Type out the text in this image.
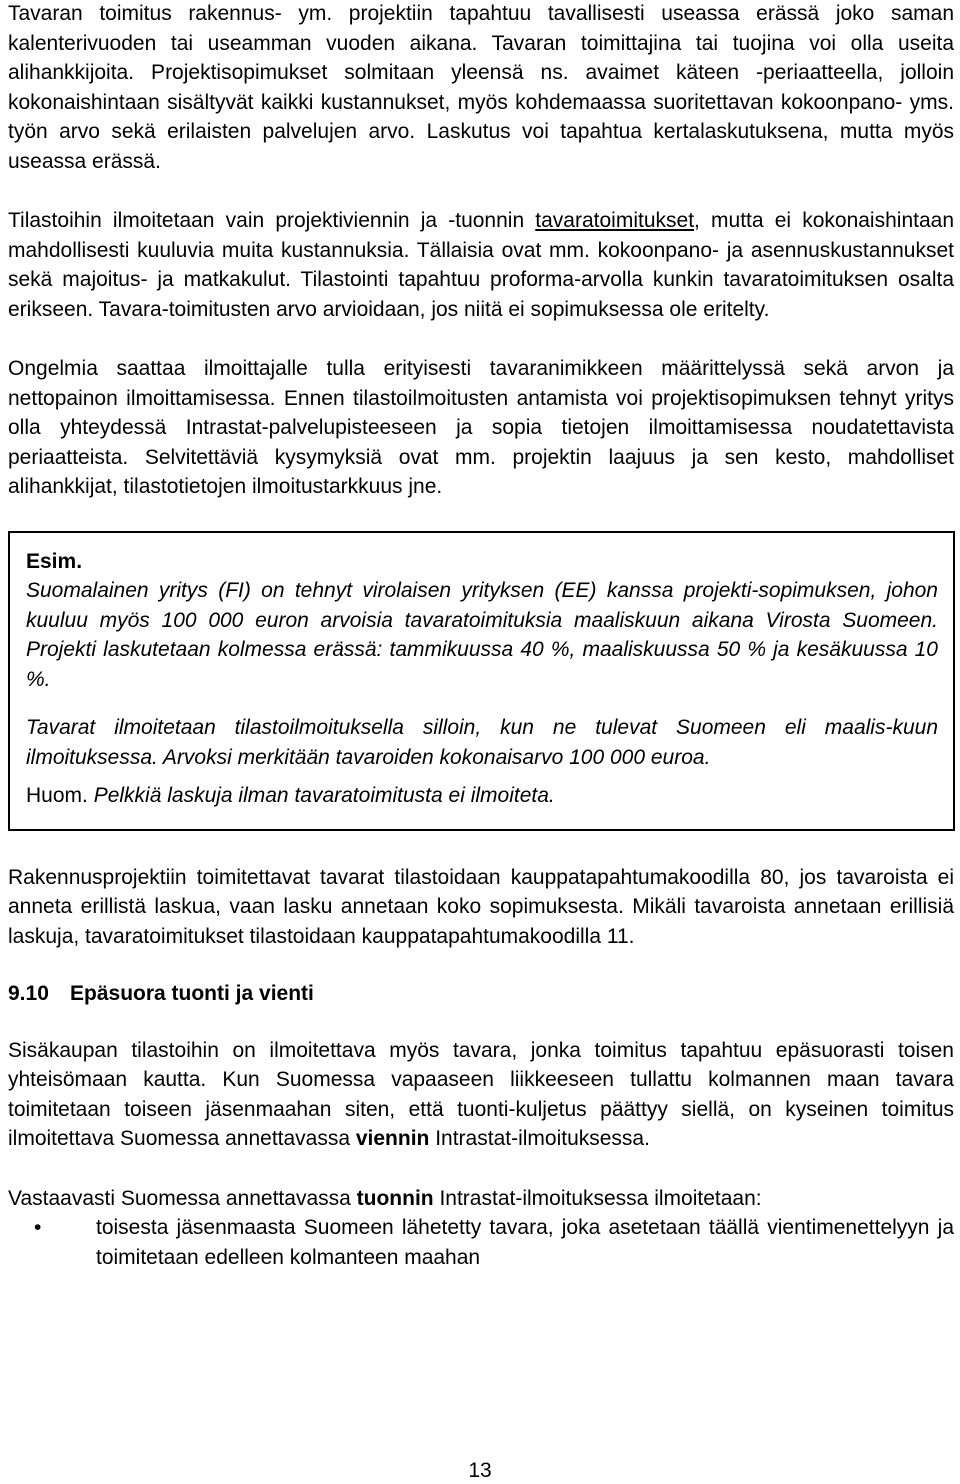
Tavaran toimitus rakennus- ym. projektiin tapahtuu tavallisesti useassa erässä joko saman kalenterivuoden tai useamman vuoden aikana. Tavaran toimittajina tai tuojina voi olla useita alihankkijoita. Projektisopimukset solmitaan yleensä ns. avaimet käteen -periaatteella, jolloin kokonaishintaan sisältyvät kaikki kustannukset, myös kohdemaassa suoritettavan kokoonpano- yms. työn arvo sekä erilaisten palvelujen arvo. Laskutus voi tapahtua kertalaskutuksena, mutta myös useassa erässä.

Tilastoihin ilmoitetaan vain projektiviennin ja -tuonnin tavaratoimitukset, mutta ei kokonaishintaan mahdollisesti kuuluvia muita kustannuksia. Tällaisia ovat mm. kokoonpano- ja asennuskustannukset sekä majoitus- ja matkakulut. Tilastointi tapahtuu proforma-arvolla kunkin tavaratoimituksen osalta erikseen. Tavara-toimitusten arvo arvioidaan, jos niitä ei sopimuksessa ole eritelty.

Ongelmia saattaa ilmoittajalle tulla erityisesti tavaranimikkeen määrittelyssä sekä arvon ja nettopainon ilmoittamisessa. Ennen tilastoilmoitusten antamista voi projektisopimuksen tehnyt yritys olla yhteydessä Intrastat-palvelupisteeseen ja sopia tietojen ilmoittamisessa noudatettavista periaatteista. Selvitettäviä kysymyksiä ovat mm. projektin laajuus ja sen kesto, mahdolliset alihankkijat, tilastotietojen ilmoitustarkkuus jne.

Esim.

Suomalainen yritys (FI) on tehnyt virolaisen yrityksen (EE) kanssa projekti-sopimuksen, johon kuuluu myös 100 000 euron arvoisia tavaratoimituksia maaliskuun aikana Virosta Suomeen. Projekti laskutetaan kolmessa erässä: tammikuussa 40 %, maaliskuussa 50 % ja kesäkuussa 10 %.

Tavarat ilmoitetaan tilastoilmoituksella silloin, kun ne tulevat Suomeen eli maalis-kuun ilmoituksessa. Arvoksi merkitään tavaroiden kokonaisarvo 100 000 euroa.

Huom. Pelkkiä laskuja ilman tavaratoimitusta ei ilmoiteta.

Rakennusprojektiin toimitettavat tavarat tilastoidaan kauppatapahtumakoodilla 80, jos tavaroista ei anneta erillistä laskua, vaan lasku annetaan koko sopimuksesta. Mikäli tavaroista annetaan erillisiä laskuja, tavaratoimitukset tilastoidaan kauppatapahtumakoodilla 11.

9.10 Epäsuora tuonti ja vienti

Sisäkaupan tilastoihin on ilmoitettava myös tavara, jonka toimitus tapahtuu epäsuorasti toisen yhteisömaan kautta. Kun Suomessa vapaaseen liikkeeseen tullattu kolmannen maan tavara toimitetaan toiseen jäsenmaahan siten, että tuonti-kuljetus päättyy siellä, on kyseinen toimitus ilmoitettava Suomessa annettavassa viennin Intrastat-ilmoituksessa.

Vastaavasti Suomessa annettavassa tuonnin Intrastat-ilmoituksessa ilmoitetaan:

•	toisesta jäsenmaasta Suomeen lähetetty tavara, joka asetetaan täällä vientimenettelyyn ja toimitetaan edelleen kolmanteen maahan
13
